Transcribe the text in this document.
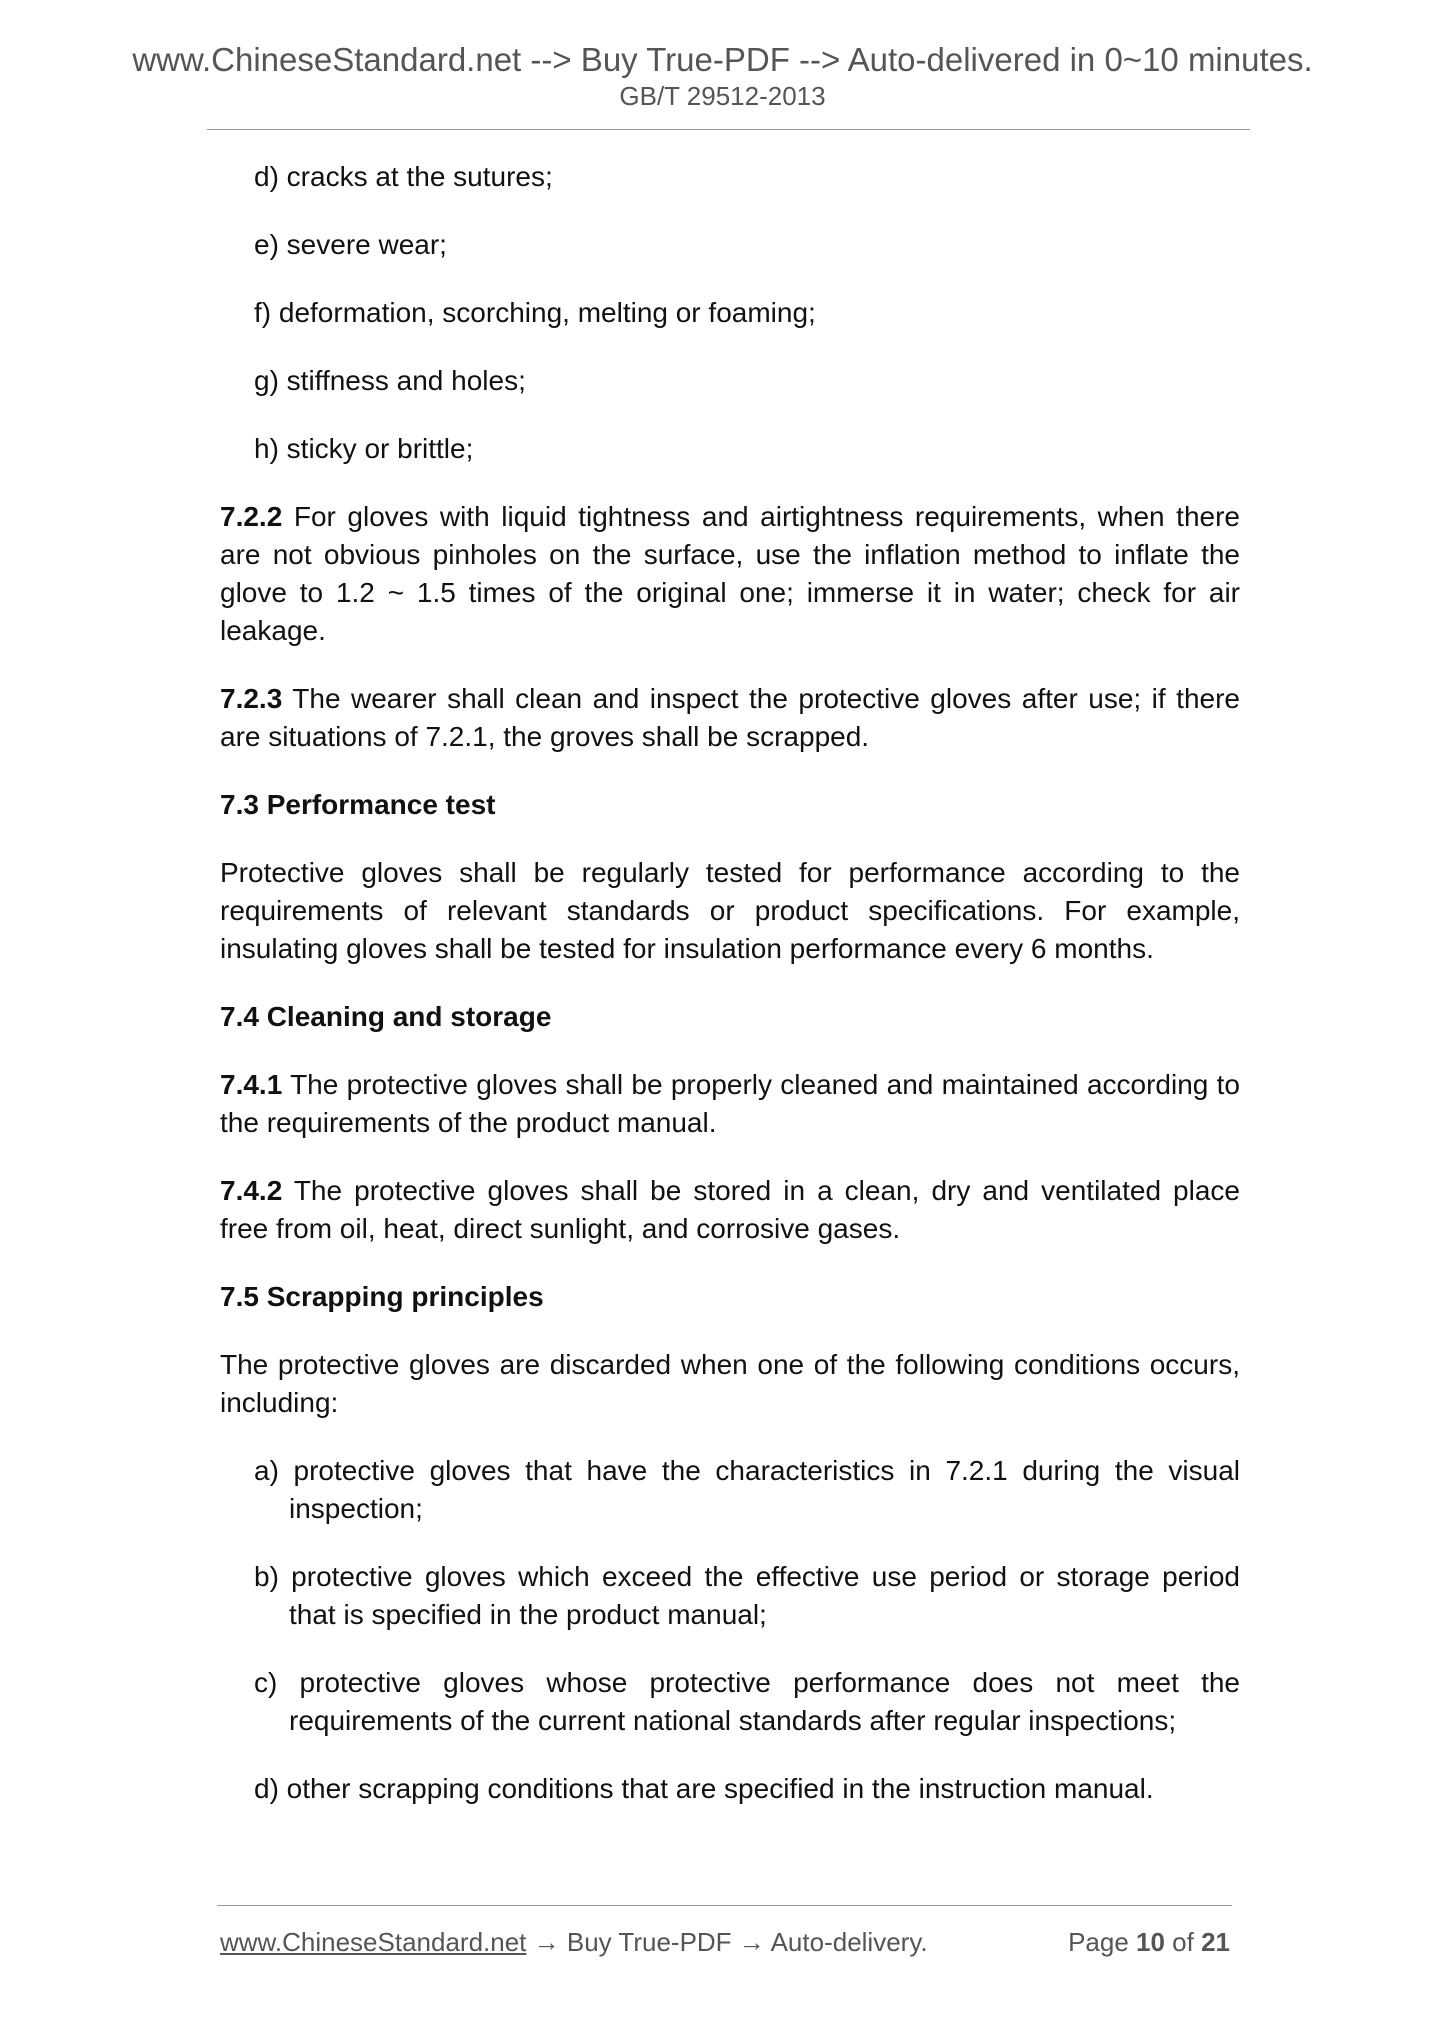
www.ChineseStandard.net --> Buy True-PDF --> Auto-delivered in 0~10 minutes.
GB/T 29512-2013
d) cracks at the sutures;
e) severe wear;
f) deformation, scorching, melting or foaming;
g) stiffness and holes;
h) sticky or brittle;
7.2.2 For gloves with liquid tightness and airtightness requirements, when there are not obvious pinholes on the surface, use the inflation method to inflate the glove to 1.2 ~ 1.5 times of the original one; immerse it in water; check for air leakage.
7.2.3 The wearer shall clean and inspect the protective gloves after use; if there are situations of 7.2.1, the groves shall be scrapped.
7.3 Performance test
Protective gloves shall be regularly tested for performance according to the requirements of relevant standards or product specifications. For example, insulating gloves shall be tested for insulation performance every 6 months.
7.4 Cleaning and storage
7.4.1 The protective gloves shall be properly cleaned and maintained according to the requirements of the product manual.
7.4.2 The protective gloves shall be stored in a clean, dry and ventilated place free from oil, heat, direct sunlight, and corrosive gases.
7.5 Scrapping principles
The protective gloves are discarded when one of the following conditions occurs, including:
a) protective gloves that have the characteristics in 7.2.1 during the visual inspection;
b) protective gloves which exceed the effective use period or storage period that is specified in the product manual;
c) protective gloves whose protective performance does not meet the requirements of the current national standards after regular inspections;
d) other scrapping conditions that are specified in the instruction manual.
www.ChineseStandard.net → Buy True-PDF → Auto-delivery.	Page 10 of 21
